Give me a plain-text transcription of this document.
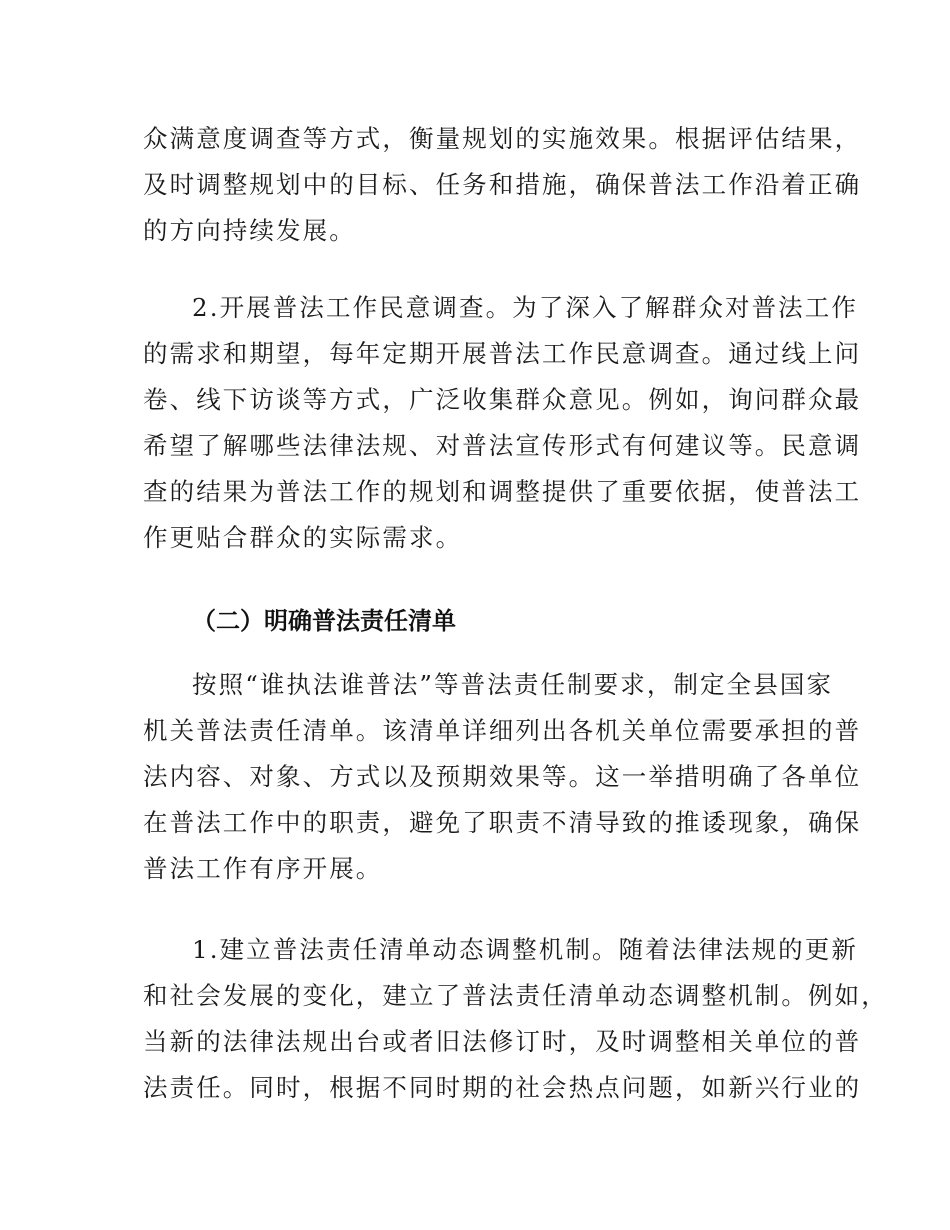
众满意度调查等方式，衡量规划的实施效果。根据评估结果，
及时调整规划中的目标、任务和措施，确保普法工作沿着正确
的方向持续发展。
2.开展普法工作民意调查。为了深入了解群众对普法工作
的需求和期望，每年定期开展普法工作民意调查。通过线上问
卷、线下访谈等方式，广泛收集群众意见。例如，询问群众最
希望了解哪些法律法规、对普法宣传形式有何建议等。民意调
查的结果为普法工作的规划和调整提供了重要依据，使普法工
作更贴合群众的实际需求。
（二）明确普法责任清单
按照“谁执法谁普法”等普法责任制要求，制定全县国家
机关普法责任清单。该清单详细列出各机关单位需要承担的普
法内容、对象、方式以及预期效果等。这一举措明确了各单位
在普法工作中的职责，避免了职责不清导致的推诿现象，确保
普法工作有序开展。
1.建立普法责任清单动态调整机制。随着法律法规的更新
和社会发展的变化，建立了普法责任清单动态调整机制。例如，
当新的法律法规出台或者旧法修订时，及时调整相关单位的普
法责任。同时，根据不同时期的社会热点问题，如新兴行业的
